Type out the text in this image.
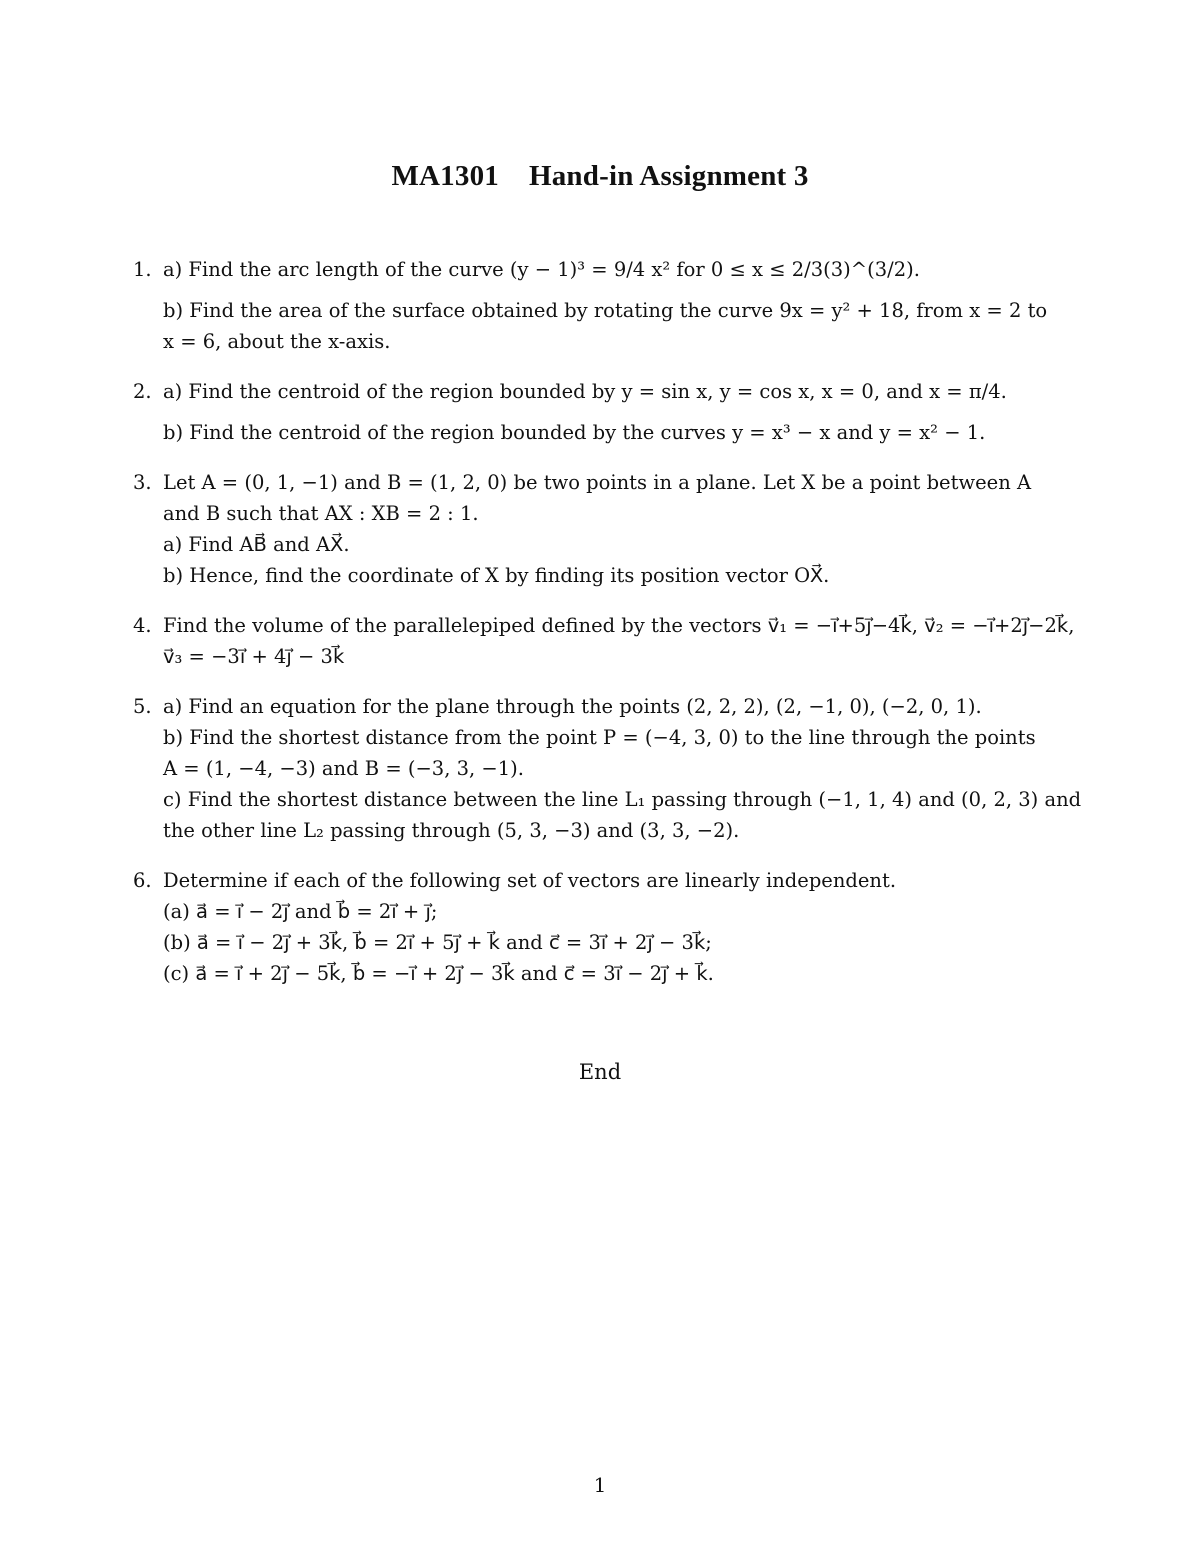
MA1301 Hand-in Assignment 3
1. a) Find the arc length of the curve (y − 1)³ = 9/4 x² for 0 ≤ x ≤ 2/3(3)^(3/2).
b) Find the area of the surface obtained by rotating the curve 9x = y² + 18, from x = 2 to
x = 6, about the x-axis.
2. a) Find the centroid of the region bounded by y = sin x, y = cos x, x = 0, and x = π/4.
b) Find the centroid of the region bounded by the curves y = x³ − x and y = x² − 1.
3. Let A = (0, 1, −1) and B = (1, 2, 0) be two points in a plane. Let X be a point between A
and B such that AX : XB = 2 : 1.
a) Find AB⃗ and AX⃗.
b) Hence, find the coordinate of X by finding its position vector OX⃗.
4. Find the volume of the parallelepiped defined by the vectors v⃗₁ = −i⃗+5j⃗−4k⃗, v⃗₂ = −i⃗+2j⃗−2k⃗,
v⃗₃ = −3i⃗ + 4j⃗ − 3k⃗
5. a) Find an equation for the plane through the points (2, 2, 2), (2, −1, 0), (−2, 0, 1).
b) Find the shortest distance from the point P = (−4, 3, 0) to the line through the points
A = (1, −4, −3) and B = (−3, 3, −1).
c) Find the shortest distance between the line L₁ passing through (−1, 1, 4) and (0, 2, 3) and
the other line L₂ passing through (5, 3, −3) and (3, 3, −2).
6. Determine if each of the following set of vectors are linearly independent.
(a) a⃗ = i⃗ − 2j⃗ and b⃗ = 2i⃗ + j⃗;
(b) a⃗ = i⃗ − 2j⃗ + 3k⃗, b⃗ = 2i⃗ + 5j⃗ + k⃗ and c⃗ = 3i⃗ + 2j⃗ − 3k⃗;
(c) a⃗ = i⃗ + 2j⃗ − 5k⃗, b⃗ = −i⃗ + 2j⃗ − 3k⃗ and c⃗ = 3i⃗ − 2j⃗ + k⃗.
End
1
